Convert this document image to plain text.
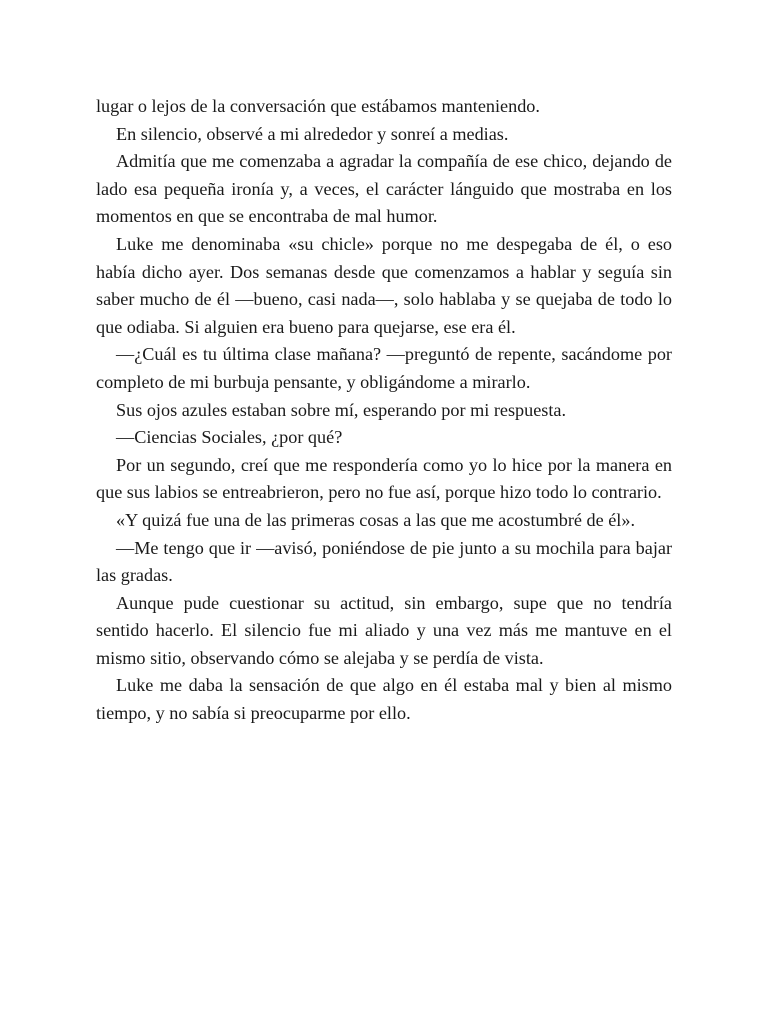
lugar o lejos de la conversación que estábamos manteniendo.

En silencio, observé a mi alrededor y sonreí a medias.

Admitía que me comenzaba a agradar la compañía de ese chico, dejando de lado esa pequeña ironía y, a veces, el carácter lánguido que mostraba en los momentos en que se encontraba de mal humor.

Luke me denominaba «su chicle» porque no me despegaba de él, o eso había dicho ayer. Dos semanas desde que comenzamos a hablar y seguía sin saber mucho de él —bueno, casi nada—, solo hablaba y se quejaba de todo lo que odiaba. Si alguien era bueno para quejarse, ese era él.

—¿Cuál es tu última clase mañana? —preguntó de repente, sacándome por completo de mi burbuja pensante, y obligándome a mirarlo.

Sus ojos azules estaban sobre mí, esperando por mi respuesta.

—Ciencias Sociales, ¿por qué?

Por un segundo, creí que me respondería como yo lo hice por la manera en que sus labios se entreabrieron, pero no fue así, porque hizo todo lo contrario.

«Y quizá fue una de las primeras cosas a las que me acostumbré de él».

—Me tengo que ir —avisó, poniéndose de pie junto a su mochila para bajar las gradas.

Aunque pude cuestionar su actitud, sin embargo, supe que no tendría sentido hacerlo. El silencio fue mi aliado y una vez más me mantuve en el mismo sitio, observando cómo se alejaba y se perdía de vista.

Luke me daba la sensación de que algo en él estaba mal y bien al mismo tiempo, y no sabía si preocuparme por ello.
